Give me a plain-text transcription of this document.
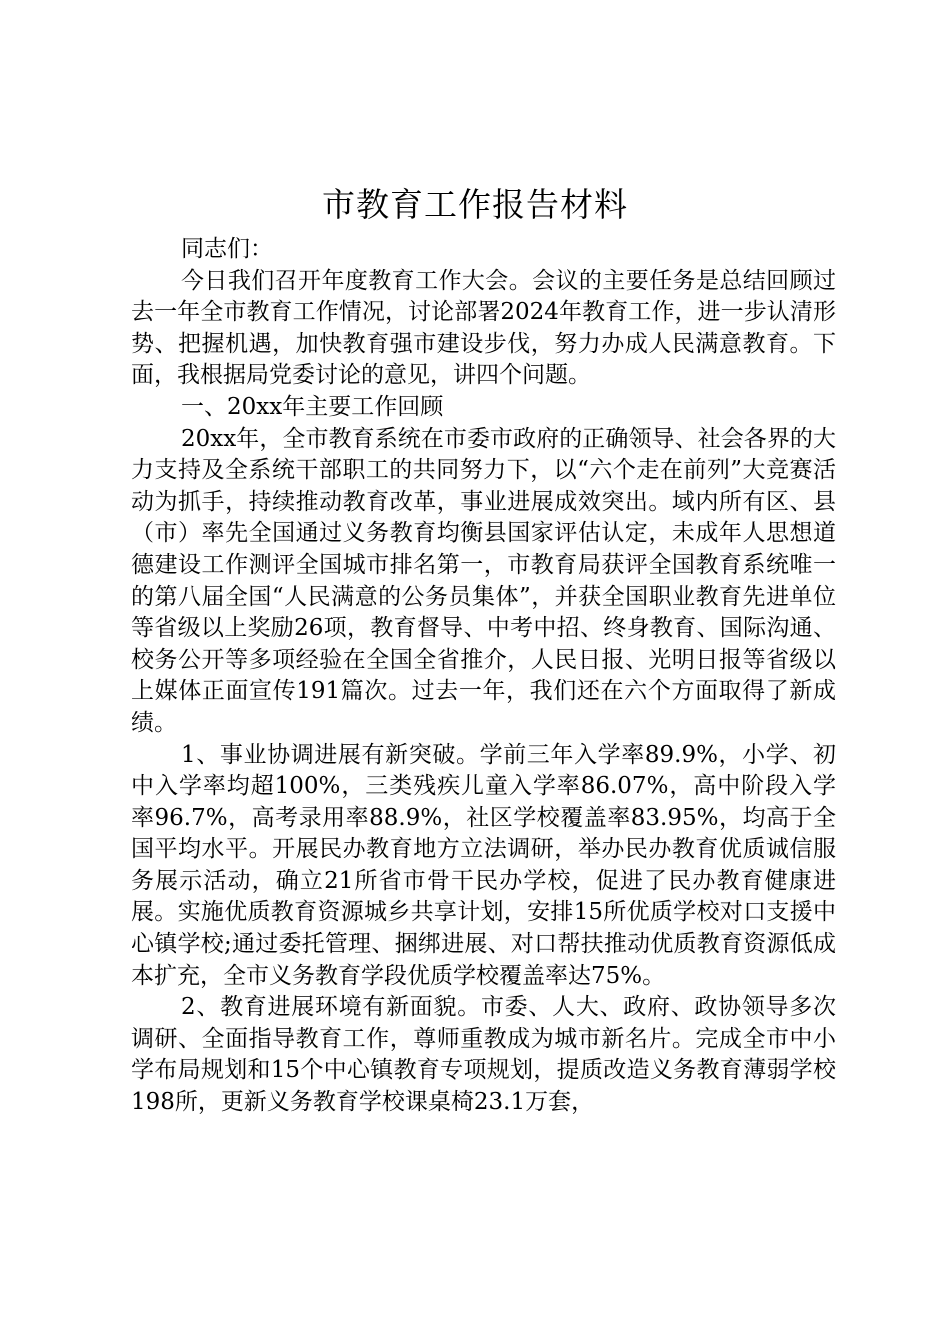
市教育工作报告材料

同志们：

今日我们召开年度教育工作大会。会议的主要任务是总结回顾过去一年全市教育工作情况，讨论部署2024年教育工作，进一步认清形势、把握机遇，加快教育强市建设步伐，努力办成人民满意教育。下面，我根据局党委讨论的意见，讲四个问题。

一、20xx年主要工作回顾

20xx年，全市教育系统在市委市政府的正确领导、社会各界的大力支持及全系统干部职工的共同努力下，以“六个走在前列”大竞赛活动为抓手，持续推动教育改革，事业进展成效突出。域内所有区、县（市）率先全国通过义务教育均衡县国家评估认定，未成年人思想道德建设工作测评全国城市排名第一，市教育局获评全国教育系统唯一的第八届全国“人民满意的公务员集体”，并获全国职业教育先进单位等省级以上奖励26项，教育督导、中考中招、终身教育、国际沟通、校务公开等多项经验在全国全省推介，人民日报、光明日报等省级以上媒体正面宣传191篇次。过去一年，我们还在六个方面取得了新成绩。

1、事业协调进展有新突破。学前三年入学率89.9%，小学、初中入学率均超100%，三类残疾儿童入学率86.07%，高中阶段入学率96.7%，高考录用率88.9%，社区学校覆盖率83.95%，均高于全国平均水平。开展民办教育地方立法调研，举办民办教育优质诚信服务展示活动，确立21所省市骨干民办学校，促进了民办教育健康进展。实施优质教育资源城乡共享计划，安排15所优质学校对口支援中心镇学校;通过委托管理、捆绑进展、对口帮扶推动优质教育资源低成本扩充，全市义务教育学段优质学校覆盖率达75%。

2、教育进展环境有新面貌。市委、人大、政府、政协领导多次调研、全面指导教育工作，尊师重教成为城市新名片。完成全市中小学布局规划和15个中心镇教育专项规划，提质改造义务教育薄弱学校198所，更新义务教育学校课桌椅23.1万套，
